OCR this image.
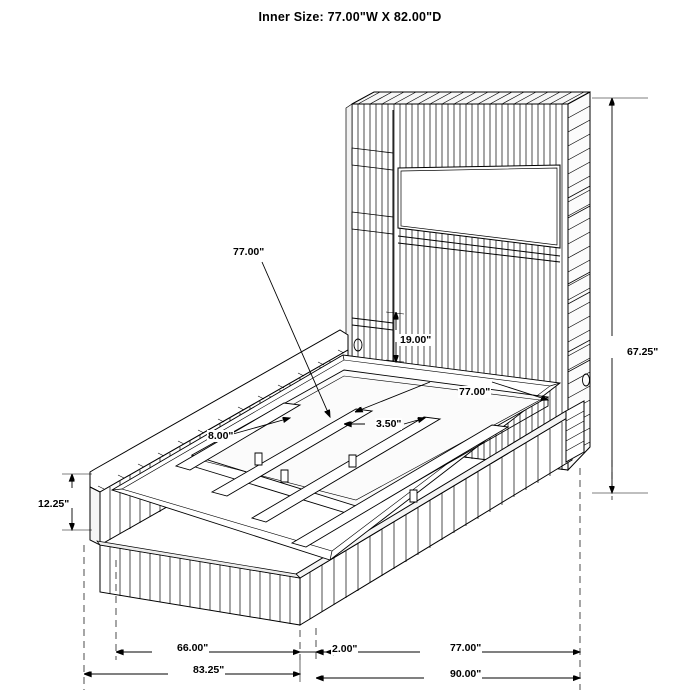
Inner Size: 77.00"W X 82.00"D
77.00"
19.00"
67.25"
77.00"
3.50"
8.00"
12.25"
66.00"	2.00"	77.00"
83.25"	90.00"
